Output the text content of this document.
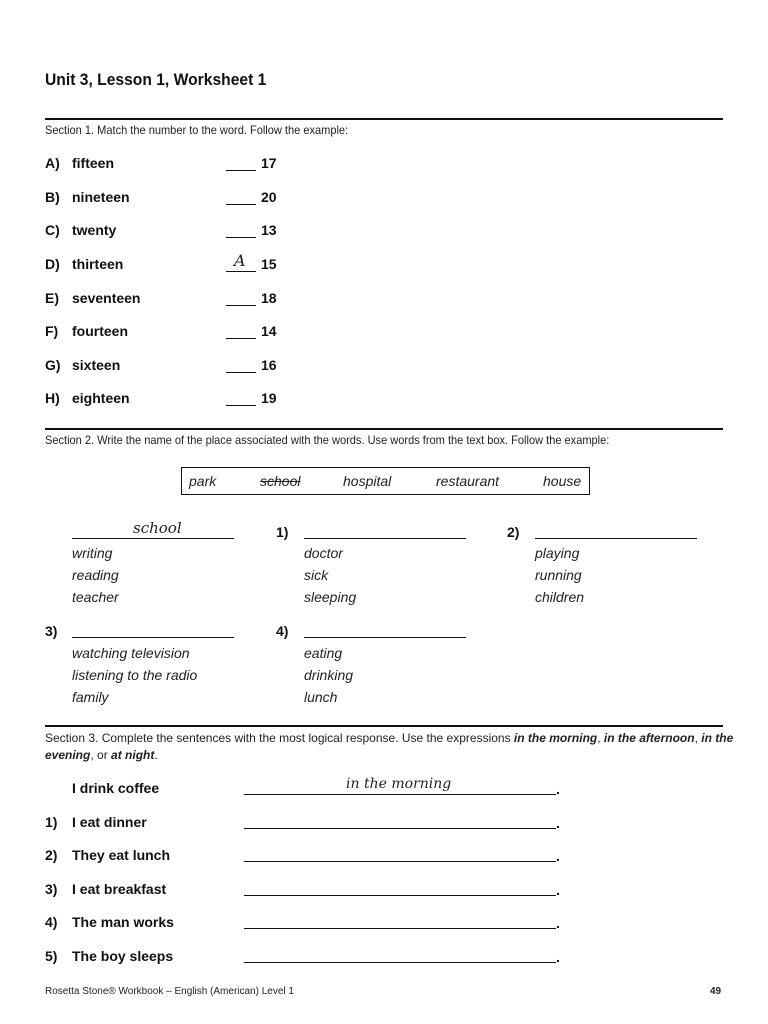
Unit 3, Lesson 1, Worksheet 1
Section 1. Match the number to the word. Follow the example:
A) fifteen	17
B) nineteen	20
C) twenty	13
D) thirteen	A 15
E) seventeen	18
F) fourteen	14
G) sixteen	16
H) eighteen	19
Section 2. Write the name of the place associated with the words. Use words from the text box. Follow the example:
park	school	hospital	restaurant	house
school
writing
reading
teacher
1)
doctor
sick
sleeping
2)
playing
running
children
3)
watching television
listening to the radio
family
4)
eating
drinking
lunch
Section 3. Complete the sentences with the most logical response. Use the expressions in the morning, in the afternoon, in the evening, or at night.
I drink coffee	in the morning	.
1) I eat dinner	.
2) They eat lunch	.
3) I eat breakfast	.
4) The man works	.
5) The boy sleeps	.
Rosetta Stone® Workbook – English (American) Level 1	49
